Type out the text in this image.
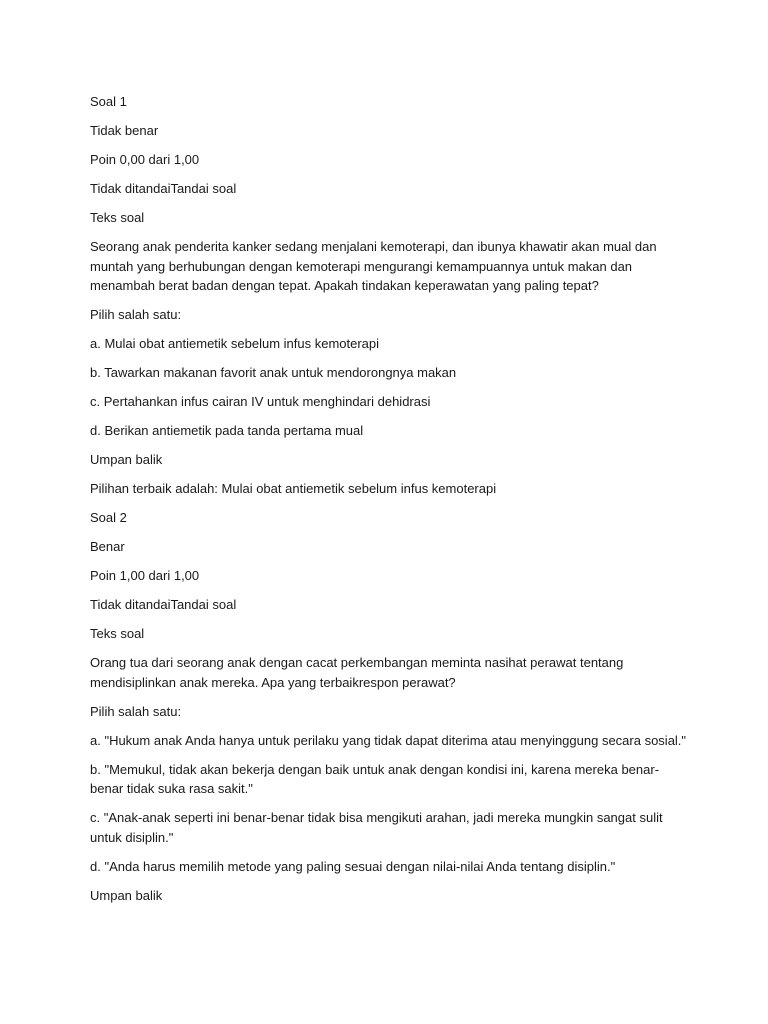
Soal 1

Tidak benar

Poin 0,00 dari 1,00

Tidak ditandaiTandai soal

Teks soal

Seorang anak penderita kanker sedang menjalani kemoterapi, dan ibunya khawatir akan mual dan muntah yang berhubungan dengan kemoterapi mengurangi kemampuannya untuk makan dan menambah berat badan dengan tepat. Apakah tindakan keperawatan yang paling tepat?

Pilih salah satu:

a. Mulai obat antiemetik sebelum infus kemoterapi

b. Tawarkan makanan favorit anak untuk mendorongnya makan

c. Pertahankan infus cairan IV untuk menghindari dehidrasi

d. Berikan antiemetik pada tanda pertama mual

Umpan balik

Pilihan terbaik adalah: Mulai obat antiemetik sebelum infus kemoterapi

Soal 2

Benar

Poin 1,00 dari 1,00

Tidak ditandaiTandai soal

Teks soal

Orang tua dari seorang anak dengan cacat perkembangan meminta nasihat perawat tentang mendisiplinkan anak mereka. Apa yang terbaikrespon perawat?

Pilih salah satu:

a. "Hukum anak Anda hanya untuk perilaku yang tidak dapat diterima atau menyinggung secara sosial."

b. "Memukul, tidak akan bekerja dengan baik untuk anak dengan kondisi ini, karena mereka benar-benar tidak suka rasa sakit."

c. "Anak-anak seperti ini benar-benar tidak bisa mengikuti arahan, jadi mereka mungkin sangat sulit untuk disiplin."

d. "Anda harus memilih metode yang paling sesuai dengan nilai-nilai Anda tentang disiplin."

Umpan balik
